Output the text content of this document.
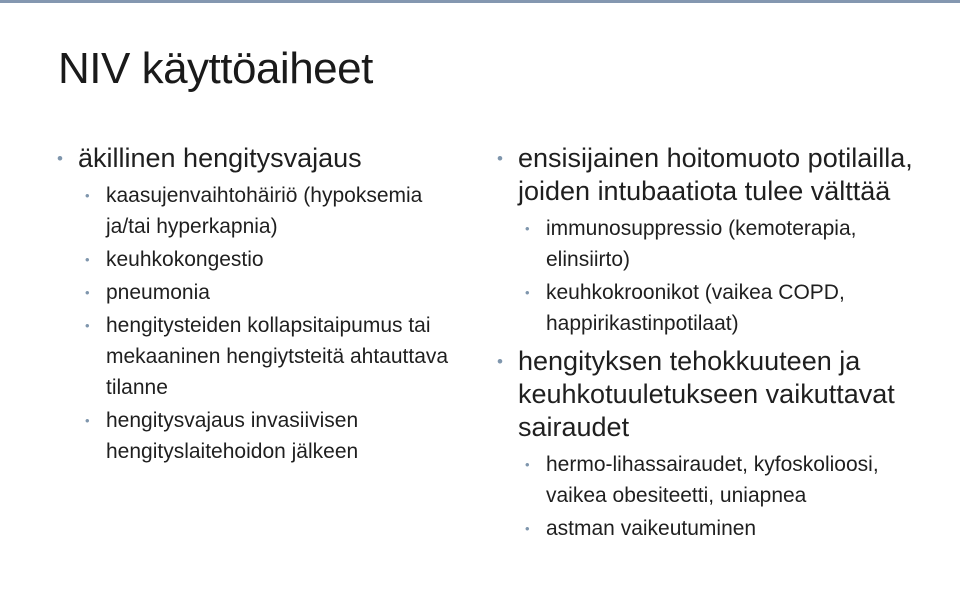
NIV käyttöaiheet
• äkillinen hengitysvajaus
• kaasujenvaihtohäiriö (hypoksemia ja/tai hyperkapnia)
• keuhkokongestio
• pneumonia
• hengitysteiden kollapsitaipumus tai mekaaninen hengiytsteitä ahtauttava tilanne
• hengitysvajaus invasiivisen hengityslaitehoidon jälkeen
• ensisijainen hoitomuoto potilailla, joiden intubaatiota tulee välttää
• immunosuppressio (kemoterapia, elinsiirto)
• keuhkokroonikot (vaikea COPD, happirikastinpotilaat)
• hengityksen tehokkuuteen ja keuhkotuuletukseen vaikuttavat sairaudet
• hermo-lihassairaudet, kyfoskolioosi, vaikea obesiteetti, uniapnea
• astman vaikeutuminen
